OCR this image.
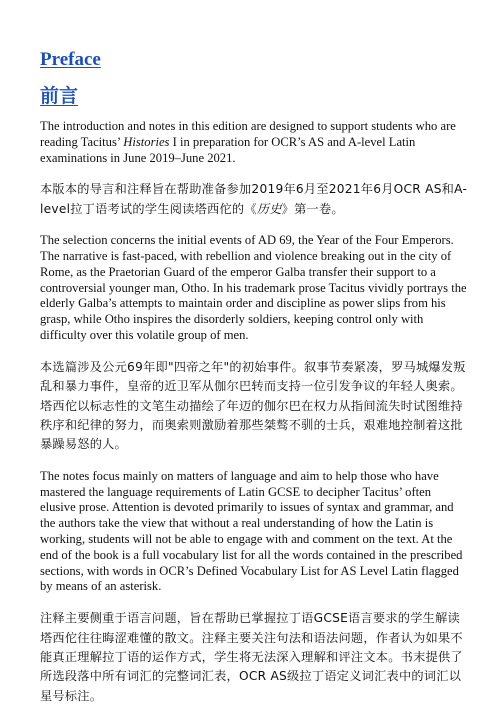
Preface
前言

The introduction and notes in this edition are designed to support students who are reading Tacitus’ Histories I in preparation for OCR’s AS and A-level Latin examinations in June 2019–June 2021.

本版本的导言和注释旨在帮助准备参加2019年6月至2021年6月OCR AS和A-level拉丁语考试的学生阅读塔西佗的《历史》第一卷。

The selection concerns the initial events of AD 69, the Year of the Four Emperors. The narrative is fast-paced, with rebellion and violence breaking out in the city of Rome, as the Praetorian Guard of the emperor Galba transfer their support to a controversial younger man, Otho. In his trademark prose Tacitus vividly portrays the elderly Galba’s attempts to maintain order and discipline as power slips from his grasp, while Otho inspires the disorderly soldiers, keeping control only with difficulty over this volatile group of men.

本选篇涉及公元69年即"四帝之年"的初始事件。叙事节奏紧凑，罗马城爆发叛乱和暴力事件，皇帝的近卫军从伽尔巴转而支持一位引发争议的年轻人奥索。塔西佗以标志性的文笔生动描绘了年迈的伽尔巴在权力从指间流失时试图维持秩序和纪律的努力，而奥索则激励着那些桀骜不驯的士兵，艰难地控制着这批暴躁易怒的人。

The notes focus mainly on matters of language and aim to help those who have mastered the language requirements of Latin GCSE to decipher Tacitus’ often elusive prose. Attention is devoted primarily to issues of syntax and grammar, and the authors take the view that without a real understanding of how the Latin is working, students will not be able to engage with and comment on the text. At the end of the book is a full vocabulary list for all the words contained in the prescribed sections, with words in OCR’s Defined Vocabulary List for AS Level Latin flagged by means of an asterisk.

注释主要侧重于语言问题，旨在帮助已掌握拉丁语GCSE语言要求的学生解读塔西佗往往晦涩难懂的散文。注释主要关注句法和语法问题，作者认为如果不能真正理解拉丁语的运作方式，学生将无法深入理解和评注文本。书末提供了所选段落中所有词汇的完整词汇表，OCR AS级拉丁语定义词汇表中的词汇以星号标注。
